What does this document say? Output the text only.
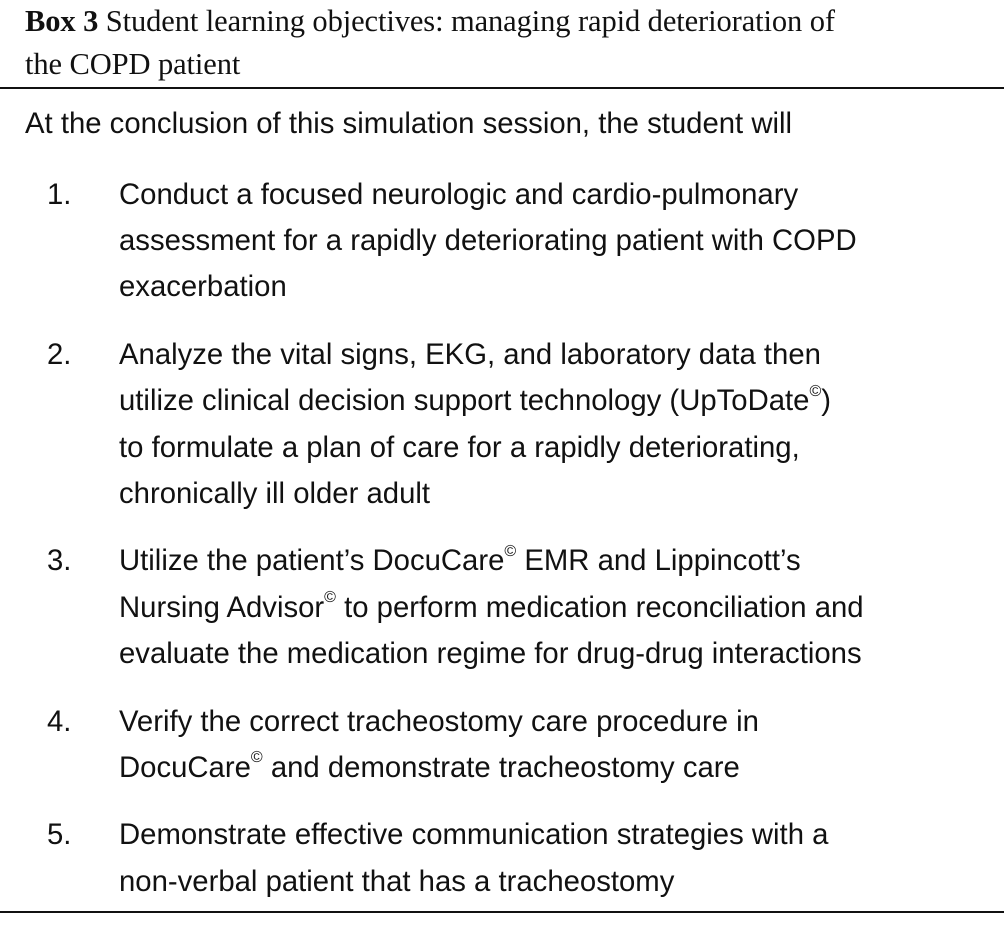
Box 3 Student learning objectives: managing rapid deterioration of
the COPD patient
At the conclusion of this simulation session, the student will
1. Conduct a focused neurologic and cardio-pulmonary
assessment for a rapidly deteriorating patient with COPD
exacerbation
2. Analyze the vital signs, EKG, and laboratory data then
utilize clinical decision support technology (UpToDate©)
to formulate a plan of care for a rapidly deteriorating,
chronically ill older adult
3. Utilize the patient’s DocuCare© EMR and Lippincott’s
Nursing Advisor© to perform medication reconciliation and
evaluate the medication regime for drug-drug interactions
4. Verify the correct tracheostomy care procedure in
DocuCare© and demonstrate tracheostomy care
5. Demonstrate effective communication strategies with a
non-verbal patient that has a tracheostomy
